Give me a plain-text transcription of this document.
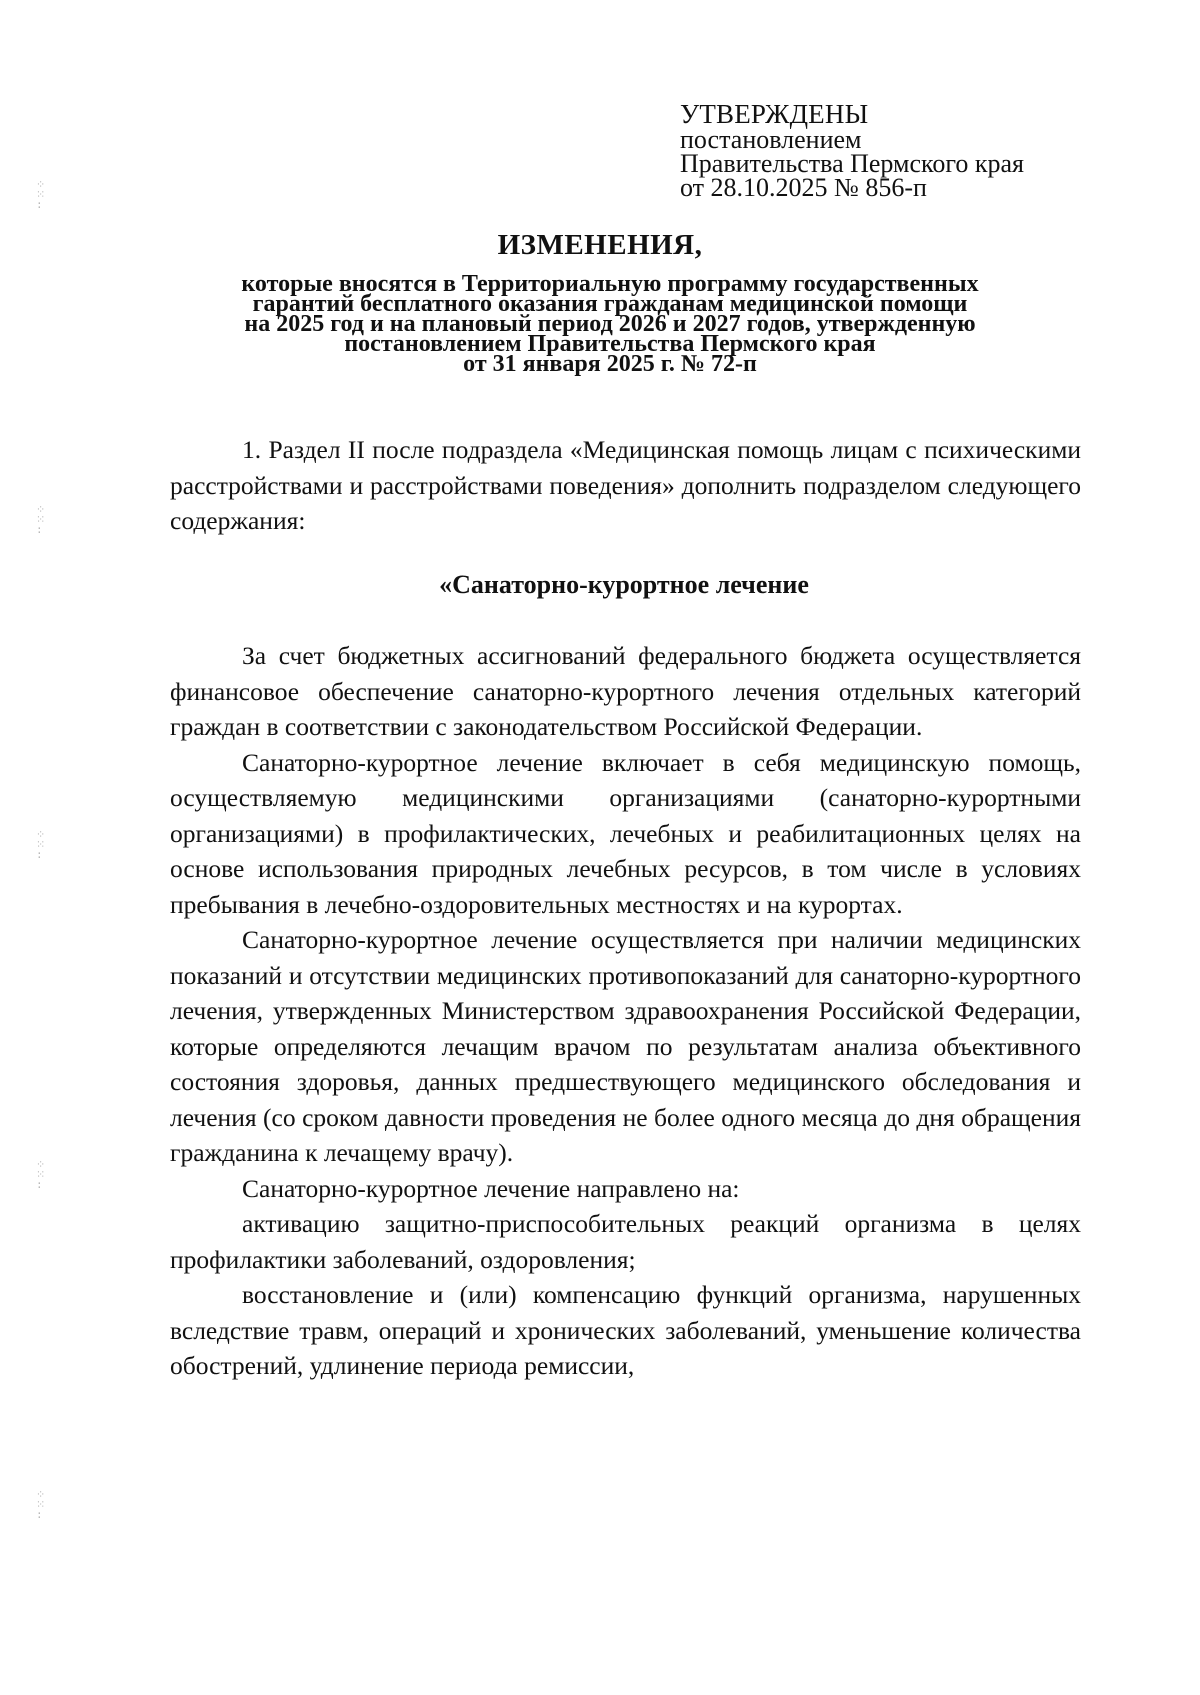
⁘
⁙
:
⁘
⁙
:
⁘
⁙
:
⁘
⁙
:
⁘
⁙
:
УТВЕРЖДЕНЫ
постановлением
Правительства Пермского края
от 28.10.2025 № 856-п
ИЗМЕНЕНИЯ,
которые вносятся в Территориальную программу государственных
гарантий бесплатного оказания гражданам медицинской помощи
на 2025 год и на плановый период 2026 и 2027 годов, утвержденную
постановлением Правительства Пермского края
от 31 января 2025 г. № 72-п

1. Раздел II после подраздела «Медицинская помощь лицам с психическими расстройствами и расстройствами поведения» дополнить подразделом следующего содержания:

«Санаторно-курортное лечение

За счет бюджетных ассигнований федерального бюджета осуществляется финансовое обеспечение санаторно-курортного лечения отдельных категорий граждан в соответствии с законодательством Российской Федерации.

Санаторно-курортное лечение включает в себя медицинскую помощь, осуществляемую медицинскими организациями (санаторно-курортными организациями) в профилактических, лечебных и реабилитационных целях на основе использования природных лечебных ресурсов, в том числе в условиях пребывания в лечебно-оздоровительных местностях и на курортах.

Санаторно-курортное лечение осуществляется при наличии медицинских показаний и отсутствии медицинских противопоказаний для санаторно-курортного лечения, утвержденных Министерством здравоохранения Российской Федерации, которые определяются лечащим врачом по результатам анализа объективного состояния здоровья, данных предшествующего медицинского обследования и лечения (со сроком давности проведения не более одного месяца до дня обращения гражданина к лечащему врачу).

Санаторно-курортное лечение направлено на:

активацию защитно-приспособительных реакций организма в целях профилактики заболеваний, оздоровления;

восстановление и (или) компенсацию функций организма, нарушенных вследствие травм, операций и хронических заболеваний, уменьшение количества обострений, удлинение периода ремиссии,
